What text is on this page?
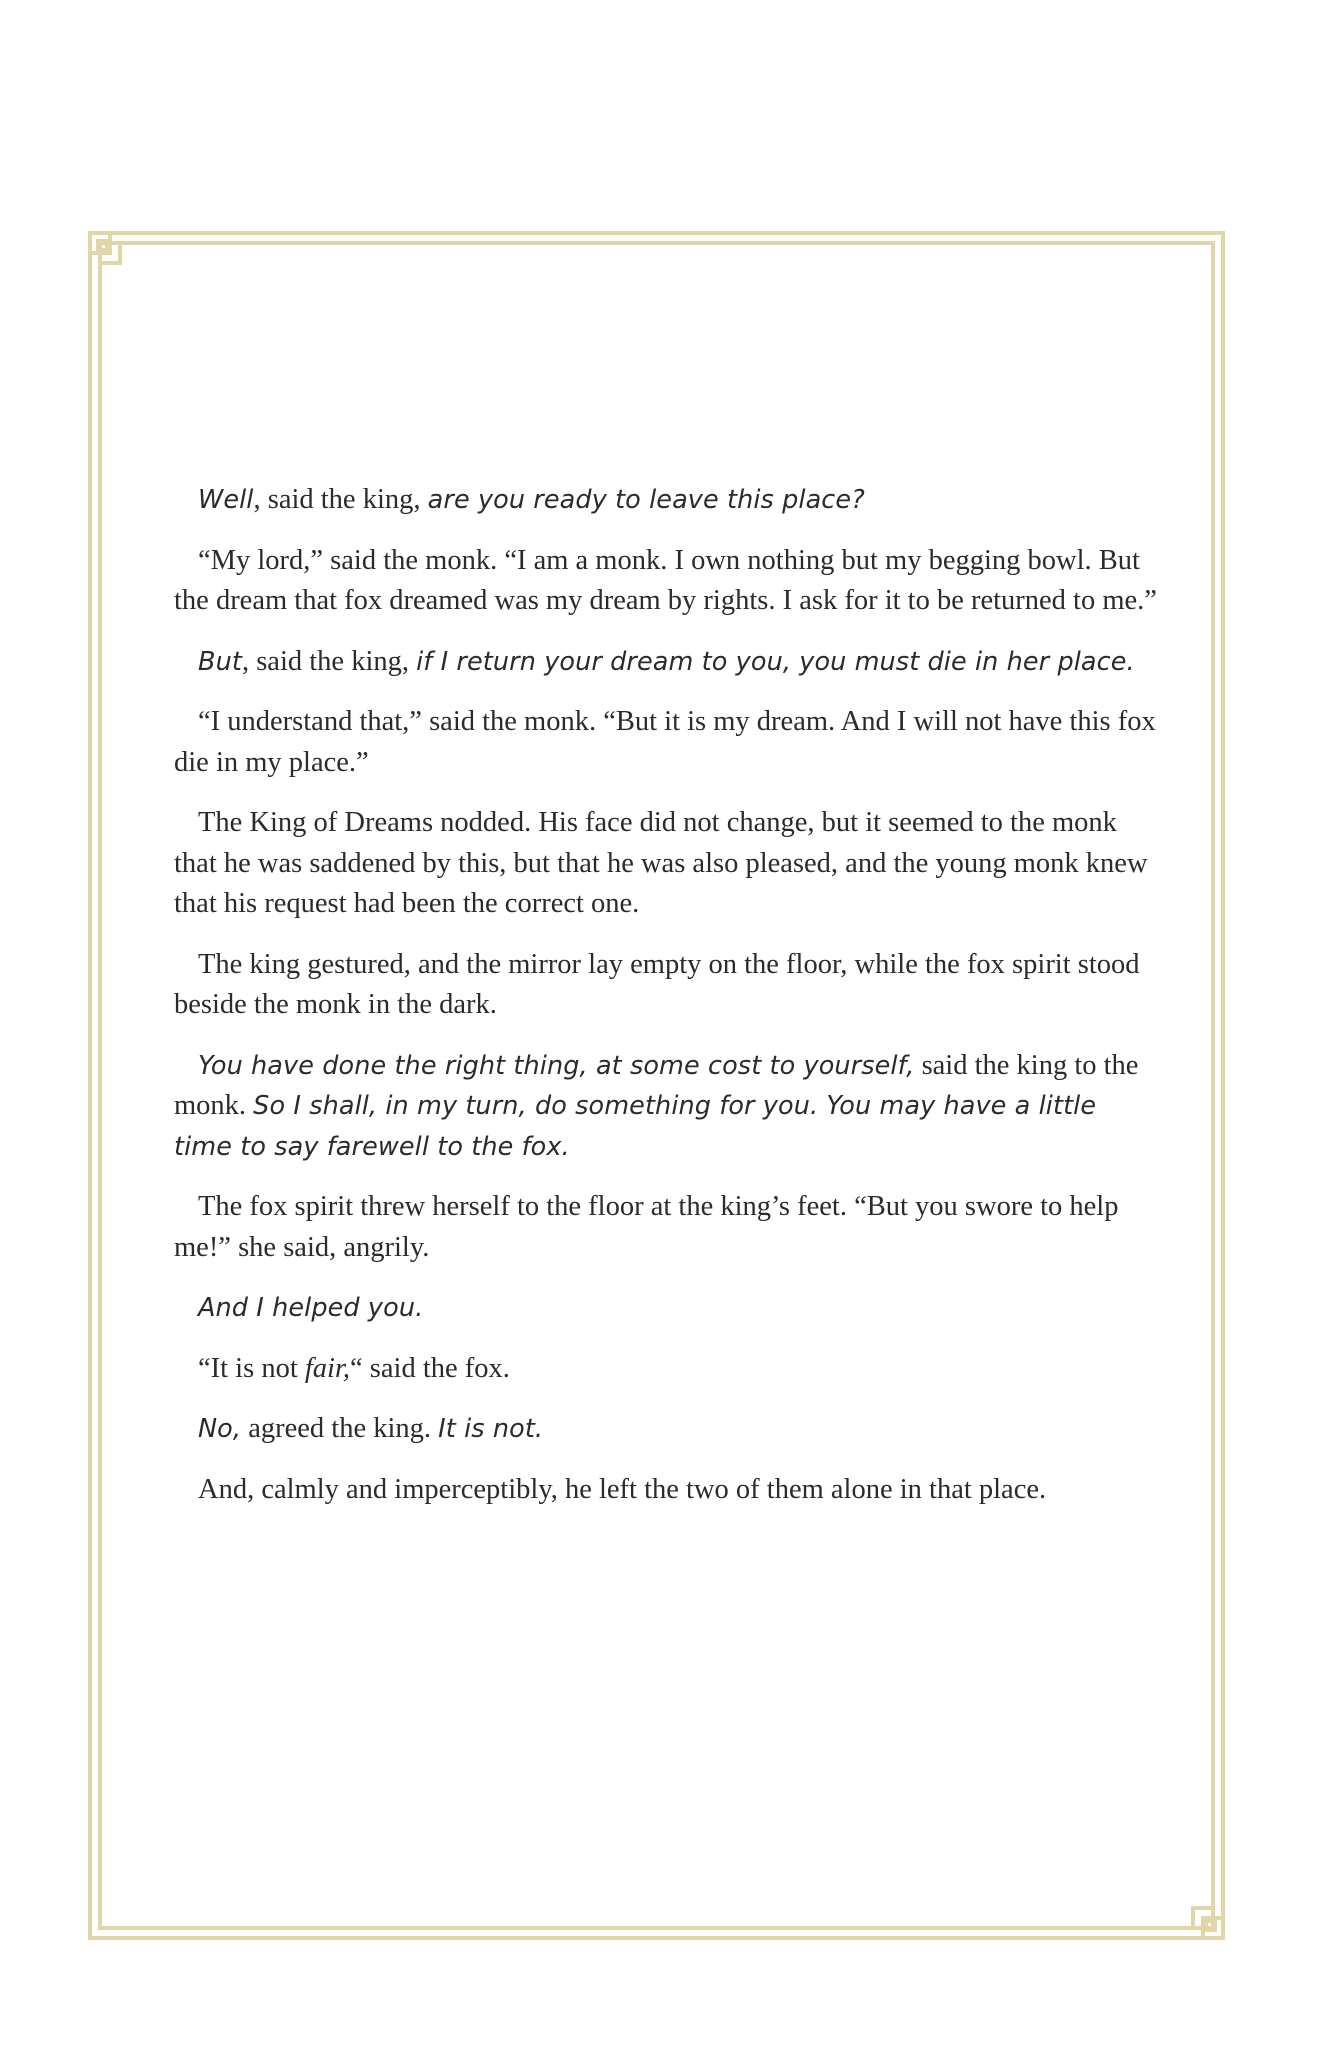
Well, said the king, are you ready to leave this place?

“My lord,” said the monk. “I am a monk. I own nothing but my begging bowl. But the dream that fox dreamed was my dream by rights. I ask for it to be returned to me.”

But, said the king, if I return your dream to you, you must die in her place.

“I understand that,” said the monk. “But it is my dream. And I will not have this fox die in my place.”

The King of Dreams nodded. His face did not change, but it seemed to the monk that he was saddened by this, but that he was also pleased, and the young monk knew that his request had been the correct one.

The king gestured, and the mirror lay empty on the floor, while the fox spirit stood beside the monk in the dark.

You have done the right thing, at some cost to yourself, said the king to the monk. So I shall, in my turn, do something for you. You may have a little time to say farewell to the fox.

The fox spirit threw herself to the floor at the king’s feet. “But you swore to help me!” she said, angrily.

And I helped you.

“It is not fair,“ said the fox.

No, agreed the king. It is not.

And, calmly and imperceptibly, he left the two of them alone in that place.
